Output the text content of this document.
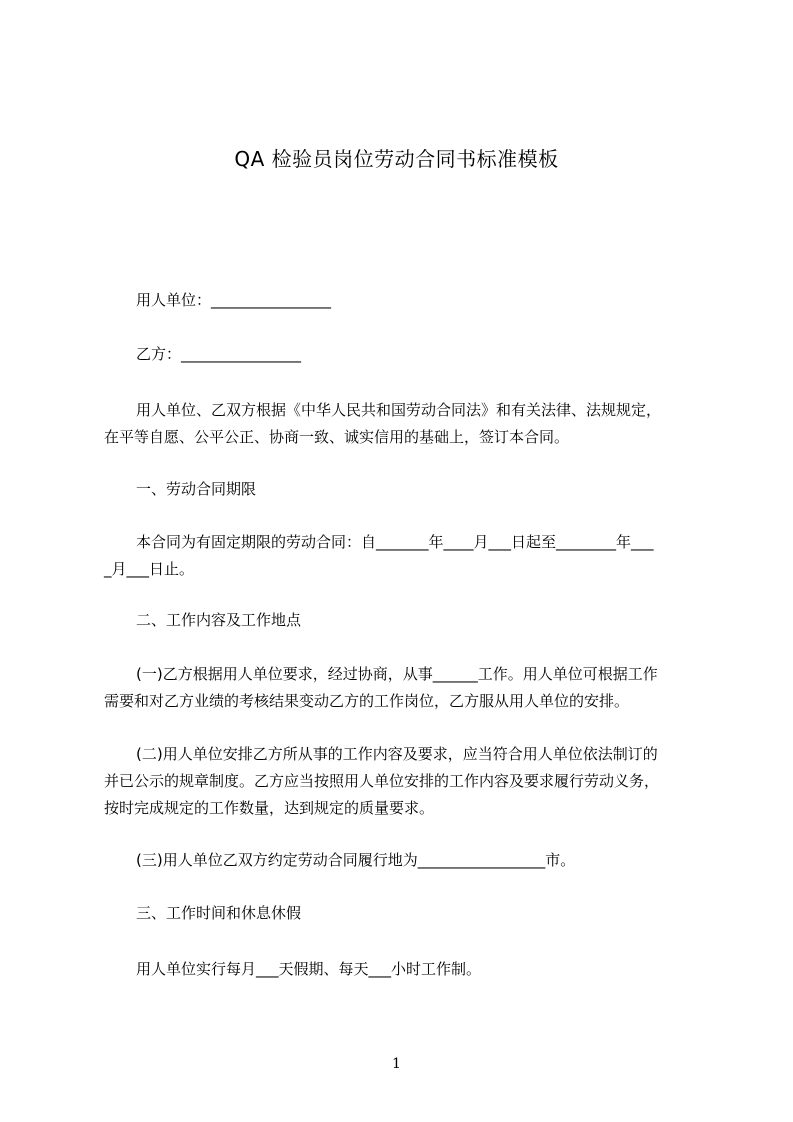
QA 检验员岗位劳动合同书标准模板
用人单位：________________
乙方：________________
用人单位、乙双方根据《中华人民共和国劳动合同法》和有关法律、法规规定，
在平等自愿、公平公正、协商一致、诚实信用的基础上，签订本合同。
一、劳动合同期限
本合同为有固定期限的劳动合同：自_______年____月___日起至________年___
_月___日止。
二、工作内容及工作地点
(一)乙方根据用人单位要求，经过协商，从事______工作。用人单位可根据工作
需要和对乙方业绩的考核结果变动乙方的工作岗位，乙方服从用人单位的安排。
(二)用人单位安排乙方所从事的工作内容及要求，应当符合用人单位依法制订的
并已公示的规章制度。乙方应当按照用人单位安排的工作内容及要求履行劳动义务，
按时完成规定的工作数量，达到规定的质量要求。
(三)用人单位乙双方约定劳动合同履行地为_________________市。
三、工作时间和休息休假
用人单位实行每月___天假期、每天___小时工作制。
1
